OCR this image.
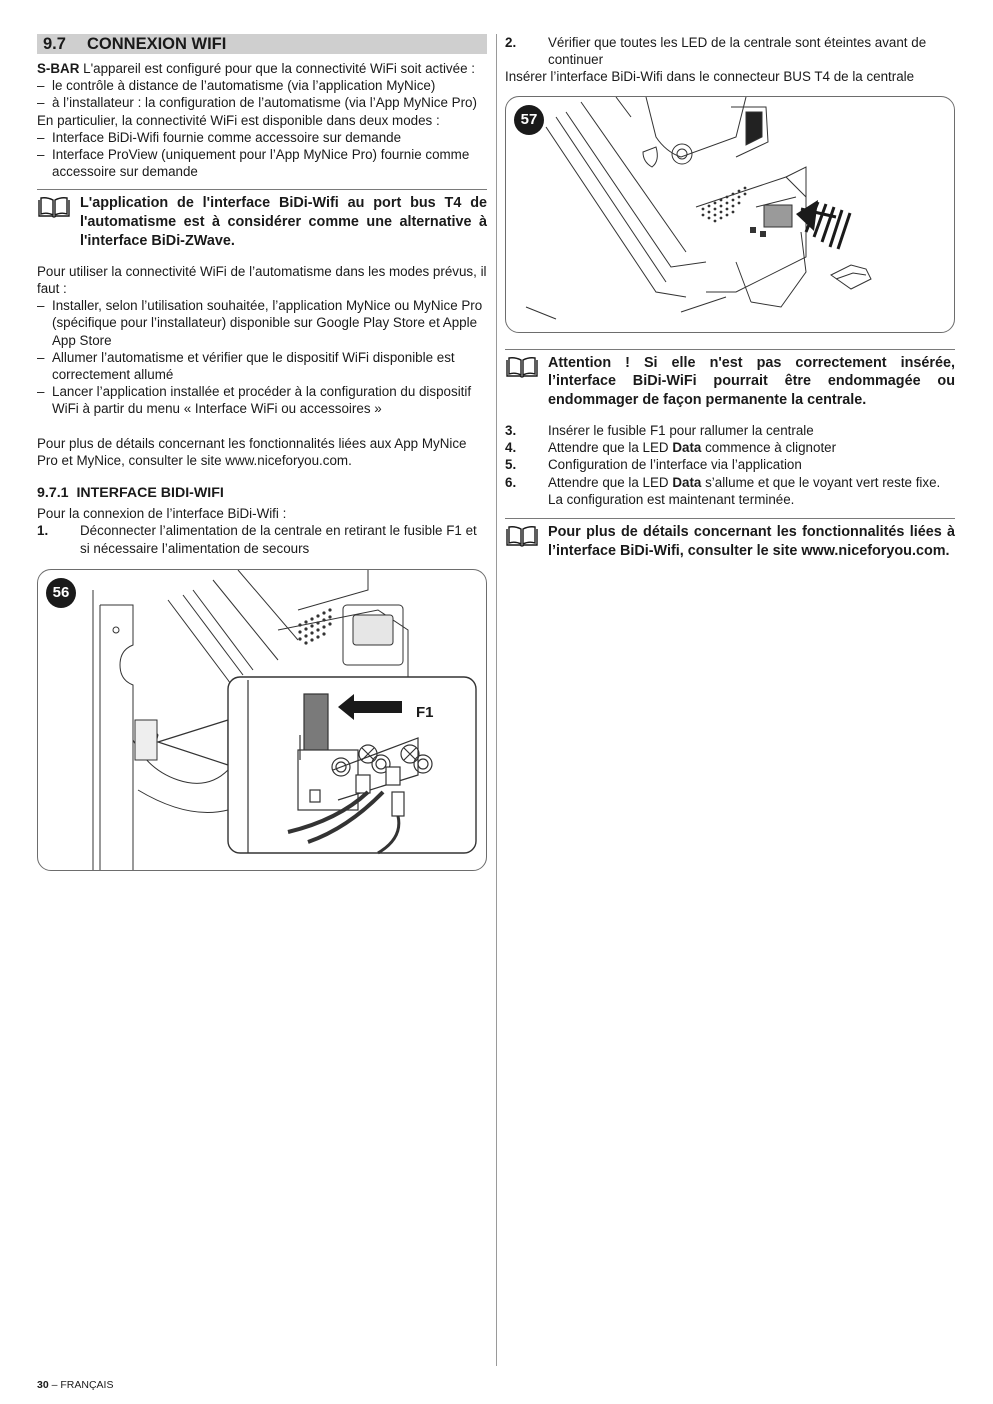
9.7	CONNEXION WIFI

S-BAR L'appareil est configuré pour que la connectivité WiFi soit activée :

– le contrôle à distance de l’automatisme (via l’application MyNice)
– à l’installateur : la configuration de l’automatisme (via l’App MyNice Pro)

En particulier, la connectivité WiFi est disponible dans deux modes :

– Interface BiDi-Wifi fournie comme accessoire sur demande
– Interface ProView (uniquement pour l’App MyNice Pro) fournie comme accessoire sur demande
L'application de l'interface BiDi-Wifi au port bus T4 de l'automatisme est à considérer comme une alternative à l'interface BiDi-ZWave.

Pour utiliser la connectivité WiFi de l’automatisme dans les modes prévus, il faut :

– Installer, selon l’utilisation souhaitée, l’application MyNice ou MyNice Pro (spécifique pour l’installateur) disponible sur Google Play Store et Apple App Store
– Allumer l’automatisme et vérifier que le dispositif WiFi disponible est correctement allumé
– Lancer l’application installée et procéder à la configuration du dispositif WiFi à partir du menu « Interface WiFi ou accessoires »

Pour plus de détails concernant les fonctionnalités liées aux App MyNice Pro et MyNice, consulter le site www.niceforyou.com.

9.7.1 INTERFACE BIDI-WIFI

Pour la connexion de l’interface BiDi-Wifi :

1. Déconnecter l’alimentation de la centrale en retirant le fusible F1 et si nécessaire l’alimentation de secours
F1
56
2. Vérifier que toutes les LED de la centrale sont éteintes avant de continuer

Insérer l’interface BiDi-Wifi dans le connecteur BUS T4 de la centrale

57
Attention ! Si elle n'est pas correctement insérée, l’interface BiDi-WiFi pourrait être endommagée ou endommager de façon permanente la centrale.
3. Insérer le fusible F1 pour rallumer la centrale
4. Attendre que la LED Data commence à clignoter
5. Configuration de l’interface via l’application
6. Attendre que la LED Data s’allume et que le voyant vert reste fixe. La configuration est maintenant terminée.
Pour plus de détails concernant les fonctionnalités liées à l’interface BiDi-Wifi, consulter le site www.niceforyou.com.
30 – FRANÇAIS
